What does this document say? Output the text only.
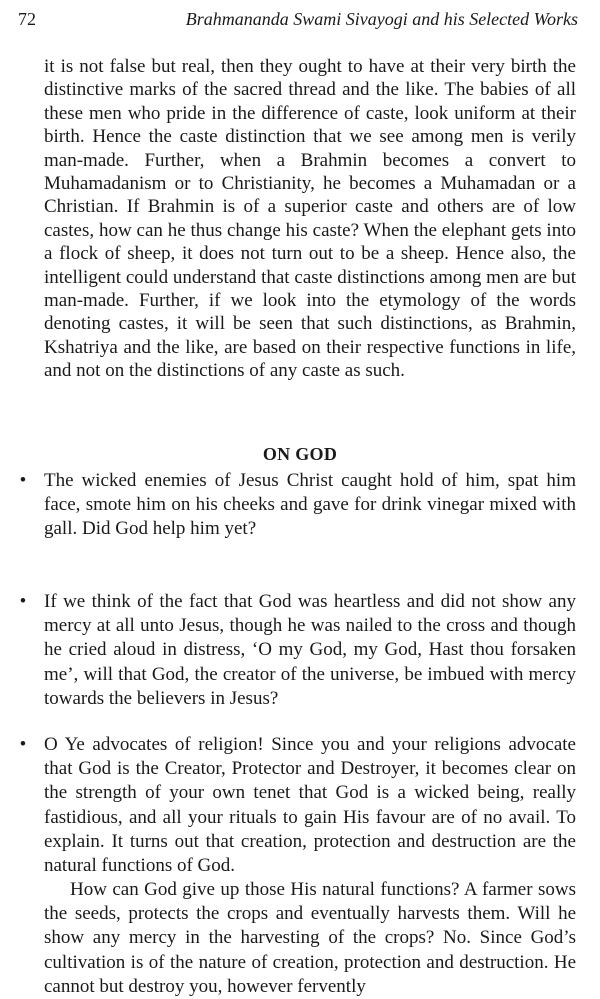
72	Brahmananda Swami Sivayogi and his Selected Works

it is not false but real, then they ought to have at their very birth the distinctive marks of the sacred thread and the like. The babies of all these men who pride in the difference of caste, look uniform at their birth. Hence the caste distinction that we see among men is verily man-made. Further, when a Brahmin becomes a convert to Muhamadanism or to Christianity, he becomes a Muhamadan or a Christian. If Brahmin is of a superior caste and others are of low castes, how can he thus change his caste? When the elephant gets into a flock of sheep, it does not turn out to be a sheep. Hence also, the intelligent could understand that caste distinctions among men are but man-made. Further, if we look into the etymology of the words denoting castes, it will be seen that such distinctions, as Brahmin, Kshatriya and the like, are based on their respective functions in life, and not on the distinctions of any caste as such.

ON GOD
• The wicked enemies of Jesus Christ caught hold of him, spat him face, smote him on his cheeks and gave for drink vinegar mixed with gall. Did God help him yet?
• If we think of the fact that God was heartless and did not show any mercy at all unto Jesus, though he was nailed to the cross and though he cried aloud in distress, ‘O my God, my God, Hast thou forsaken me’, will that God, the creator of the universe, be imbued with mercy towards the believers in Jesus?
• O Ye advocates of religion! Since you and your religions advocate that God is the Creator, Protector and Destroyer, it becomes clear on the strength of your own tenet that God is a wicked being, really fastidious, and all your rituals to gain His favour are of no avail. To explain. It turns out that creation, protection and destruction are the natural functions of God.
How can God give up those His natural functions? A farmer sows the seeds, protects the crops and eventually harvests them. Will he show any mercy in the harvesting of the crops? No. Since God’s cultivation is of the nature of creation, protection and destruction. He cannot but destroy you, however fervently
